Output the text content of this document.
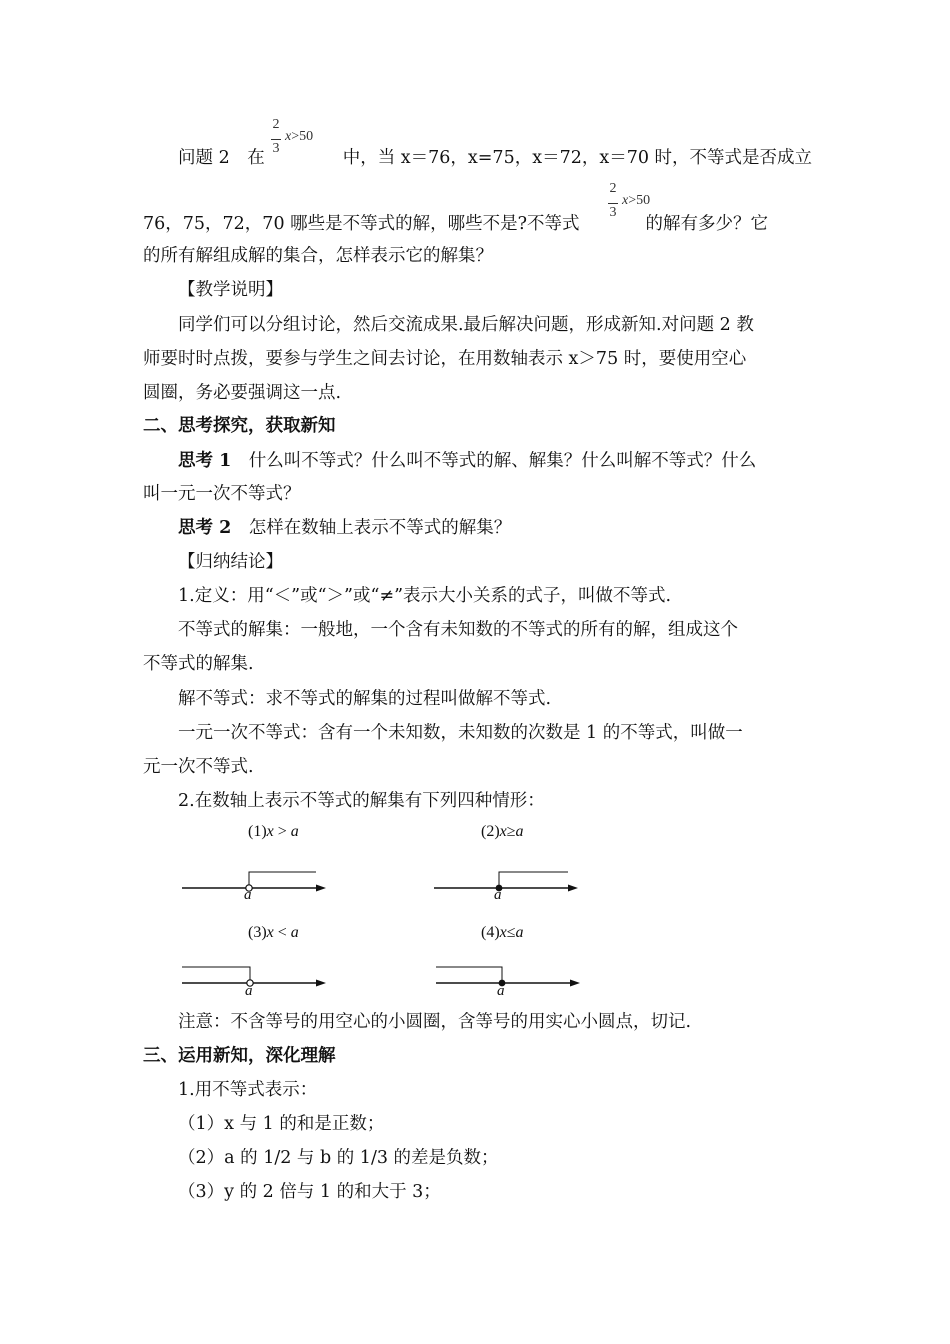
问题 2　在	中，当 x＝76，x=75，x＝72，x＝70 时，不等式是否成立
2
3
x>50
76，75，72，70 哪些是不等式的解，哪些不是?不等式	的解有多少？它
2
3
x>50
的所有解组成解的集合，怎样表示它的解集？
【教学说明】
同学们可以分组讨论，然后交流成果.最后解决问题，形成新知.对问题 2 教
师要时时点拨，要参与学生之间去讨论，在用数轴表示 x＞75 时，要使用空心
圆圈，务必要强调这一点.
二、思考探究，获取新知
思考 1　什么叫不等式？什么叫不等式的解、解集？什么叫解不等式？什么
叫一元一次不等式？
思考 2　怎样在数轴上表示不等式的解集？
【归纳结论】
1.定义：用“＜”或“＞”或“≠”表示大小关系的式子，叫做不等式.
不等式的解集：一般地，一个含有未知数的不等式的所有的解，组成这个
不等式的解集.
解不等式：求不等式的解集的过程叫做解不等式.
一元一次不等式：含有一个未知数，未知数的次数是 1 的不等式，叫做一
元一次不等式.
2.在数轴上表示不等式的解集有下列四种情形：
(1)x > a	(2)x≥a
(3)x < a	(4)x≤a
a	a
a	a
注意：不含等号的用空心的小圆圈，含等号的用实心小圆点，切记.
三、运用新知，深化理解
1.用不等式表示：
（1）x 与 1 的和是正数；
（2）a 的 1/2 与 b 的 1/3 的差是负数；
（3）y 的 2 倍与 1 的和大于 3；
